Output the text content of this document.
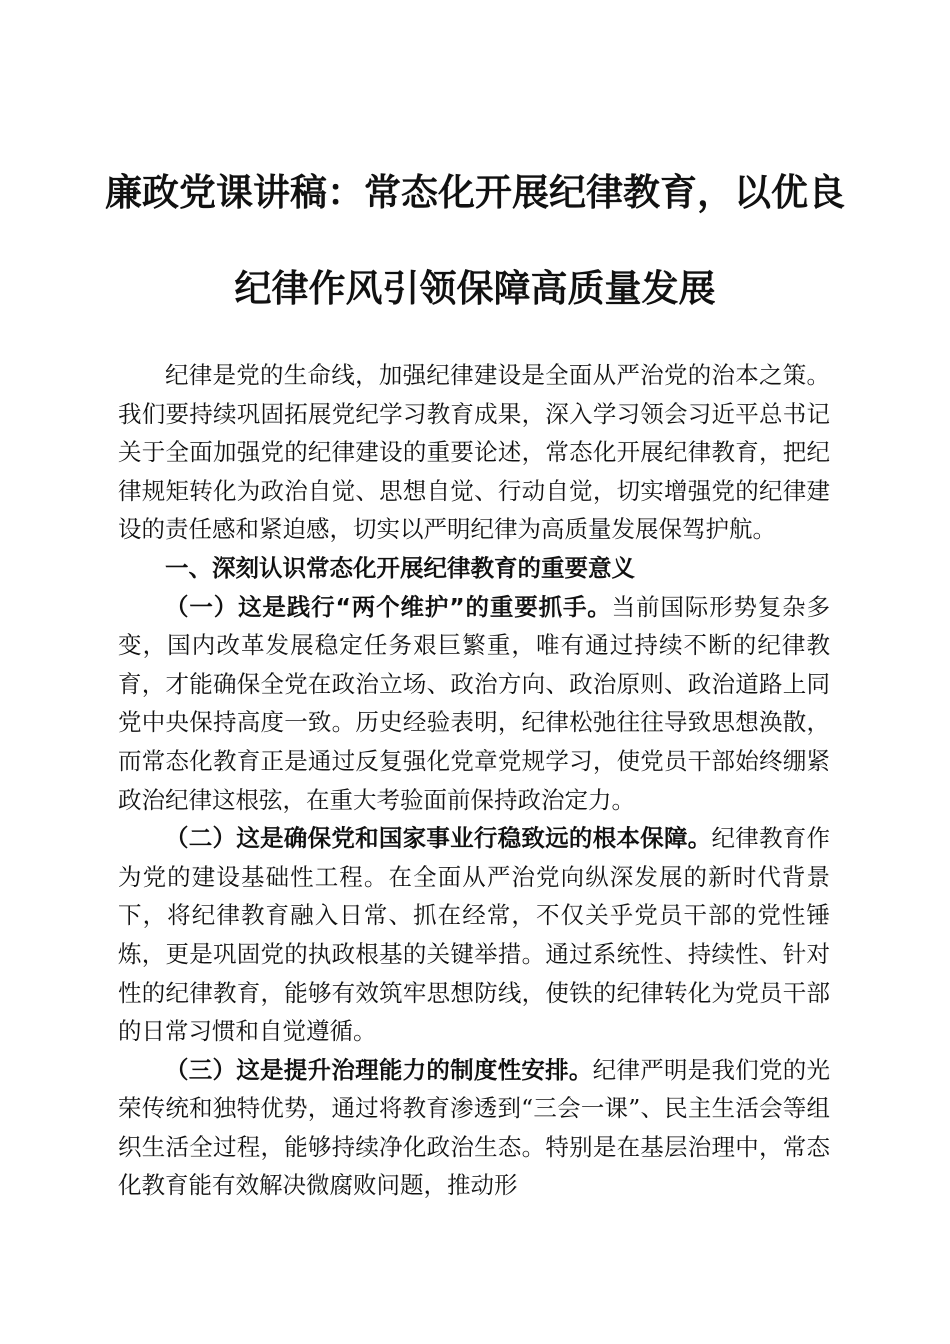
廉政党课讲稿：常态化开展纪律教育，以优良
纪律作风引领保障高质量发展

纪律是党的生命线，加强纪律建设是全面从严治党的治本之策。我们要持续巩固拓展党纪学习教育成果，深入学习领会习近平总书记关于全面加强党的纪律建设的重要论述，常态化开展纪律教育，把纪律规矩转化为政治自觉、思想自觉、行动自觉，切实增强党的纪律建设的责任感和紧迫感，切实以严明纪律为高质量发展保驾护航。

一、深刻认识常态化开展纪律教育的重要意义

（一）这是践行“两个维护”的重要抓手。当前国际形势复杂多变，国内改革发展稳定任务艰巨繁重，唯有通过持续不断的纪律教育，才能确保全党在政治立场、政治方向、政治原则、政治道路上同党中央保持高度一致。历史经验表明，纪律松弛往往导致思想涣散，而常态化教育正是通过反复强化党章党规学习，使党员干部始终绷紧政治纪律这根弦，在重大考验面前保持政治定力。

（二）这是确保党和国家事业行稳致远的根本保障。纪律教育作为党的建设基础性工程。在全面从严治党向纵深发展的新时代背景下，将纪律教育融入日常、抓在经常，不仅关乎党员干部的党性锤炼，更是巩固党的执政根基的关键举措。通过系统性、持续性、针对性的纪律教育，能够有效筑牢思想防线，使铁的纪律转化为党员干部的日常习惯和自觉遵循。

（三）这是提升治理能力的制度性安排。纪律严明是我们党的光荣传统和独特优势，通过将教育渗透到“三会一课”、民主生活会等组织生活全过程，能够持续净化政治生态。特别是在基层治理中，常态化教育能有效解决微腐败问题，推动形
